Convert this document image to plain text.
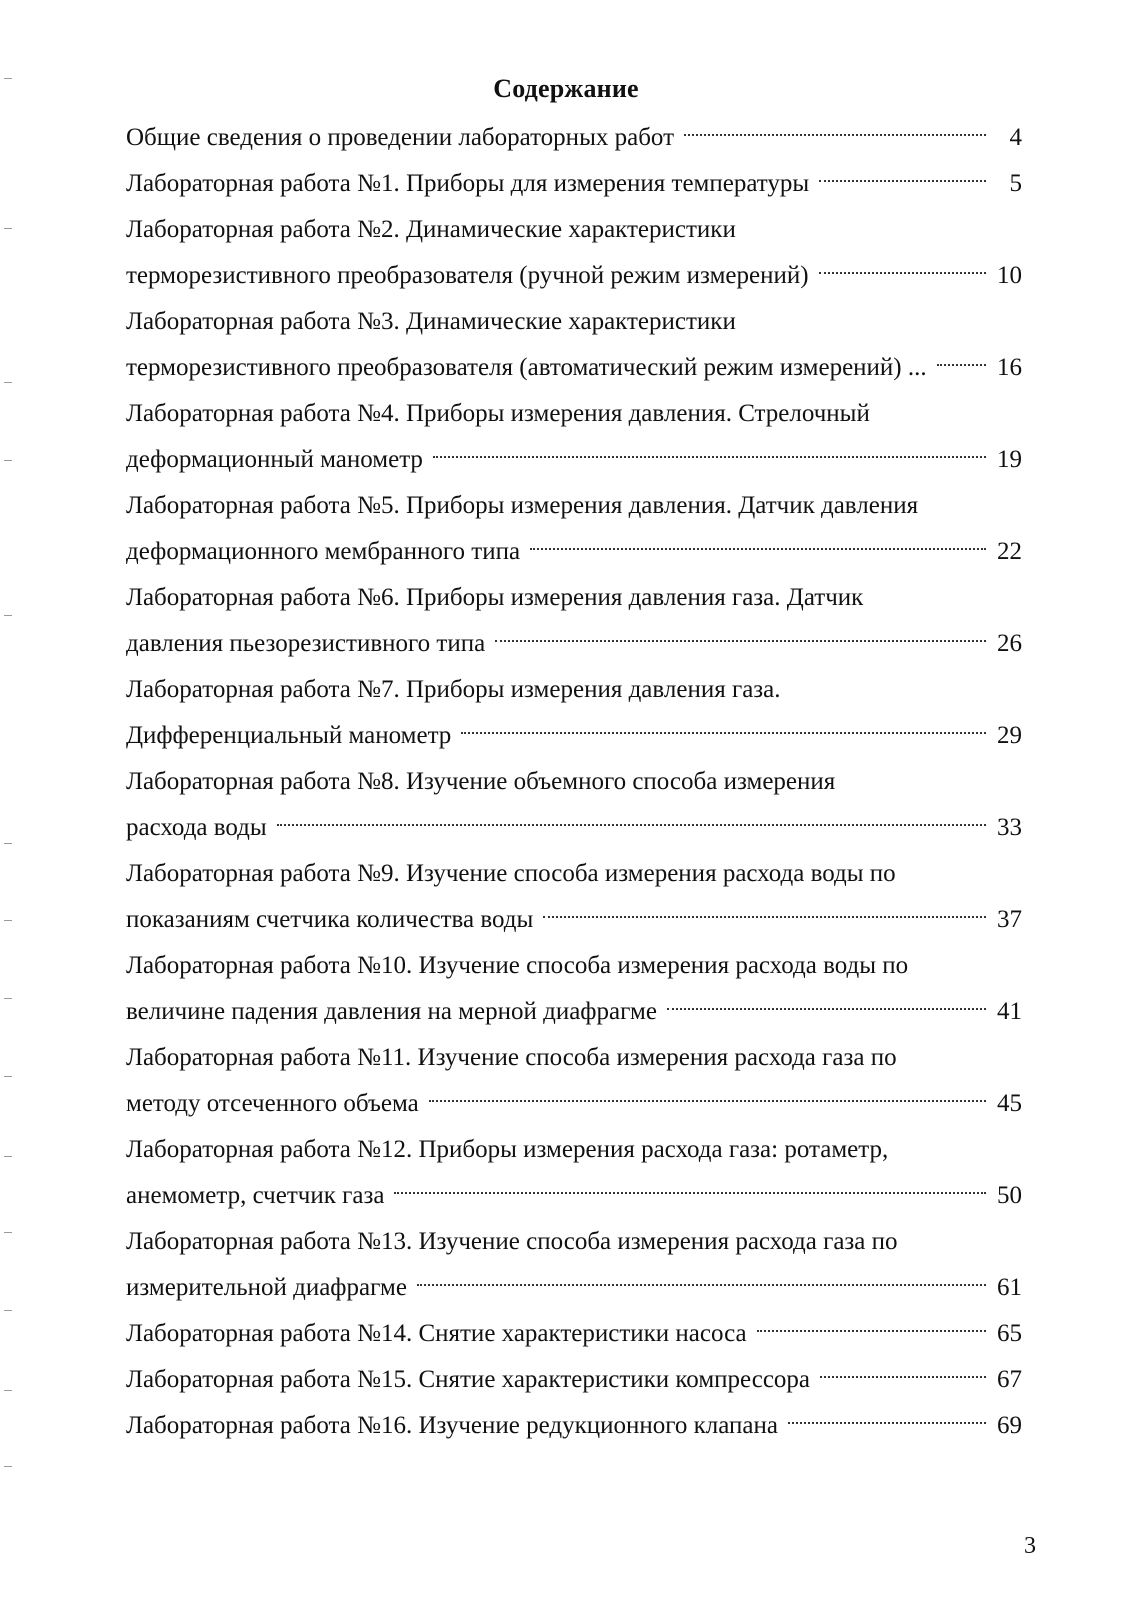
Содержание
Общие сведения о проведении лабораторных работ	4
Лабораторная работа №1. Приборы для измерения температуры	5
Лабораторная работа №2. Динамические характеристики
терморезистивного преобразователя (ручной режим измерений)	10
Лабораторная работа №3. Динамические характеристики
терморезистивного преобразователя (автоматический режим измерений) ...	16
Лабораторная работа №4. Приборы измерения давления. Стрелочный
деформационный манометр	19
Лабораторная работа №5. Приборы измерения давления. Датчик давления
деформационного мембранного типа	22
Лабораторная работа №6. Приборы измерения давления газа. Датчик
давления пьезорезистивного типа	26
Лабораторная работа №7. Приборы измерения давления газа.
Дифференциальный манометр	29
Лабораторная работа №8. Изучение объемного способа измерения
расхода воды	33
Лабораторная работа №9. Изучение способа измерения расхода воды по
показаниям счетчика количества воды	37
Лабораторная работа №10. Изучение способа измерения расхода воды по
величине падения давления на мерной диафрагме	41
Лабораторная работа №11. Изучение способа измерения расхода газа по
методу отсеченного объема	45
Лабораторная работа №12. Приборы измерения расхода газа: ротаметр,
анемометр, счетчик газа	50
Лабораторная работа №13. Изучение способа измерения расхода газа по
измерительной диафрагме	61
Лабораторная работа №14. Снятие характеристики насоса	65
Лабораторная работа №15. Снятие характеристики компрессора	67
Лабораторная работа №16. Изучение редукционного клапана	69
3
